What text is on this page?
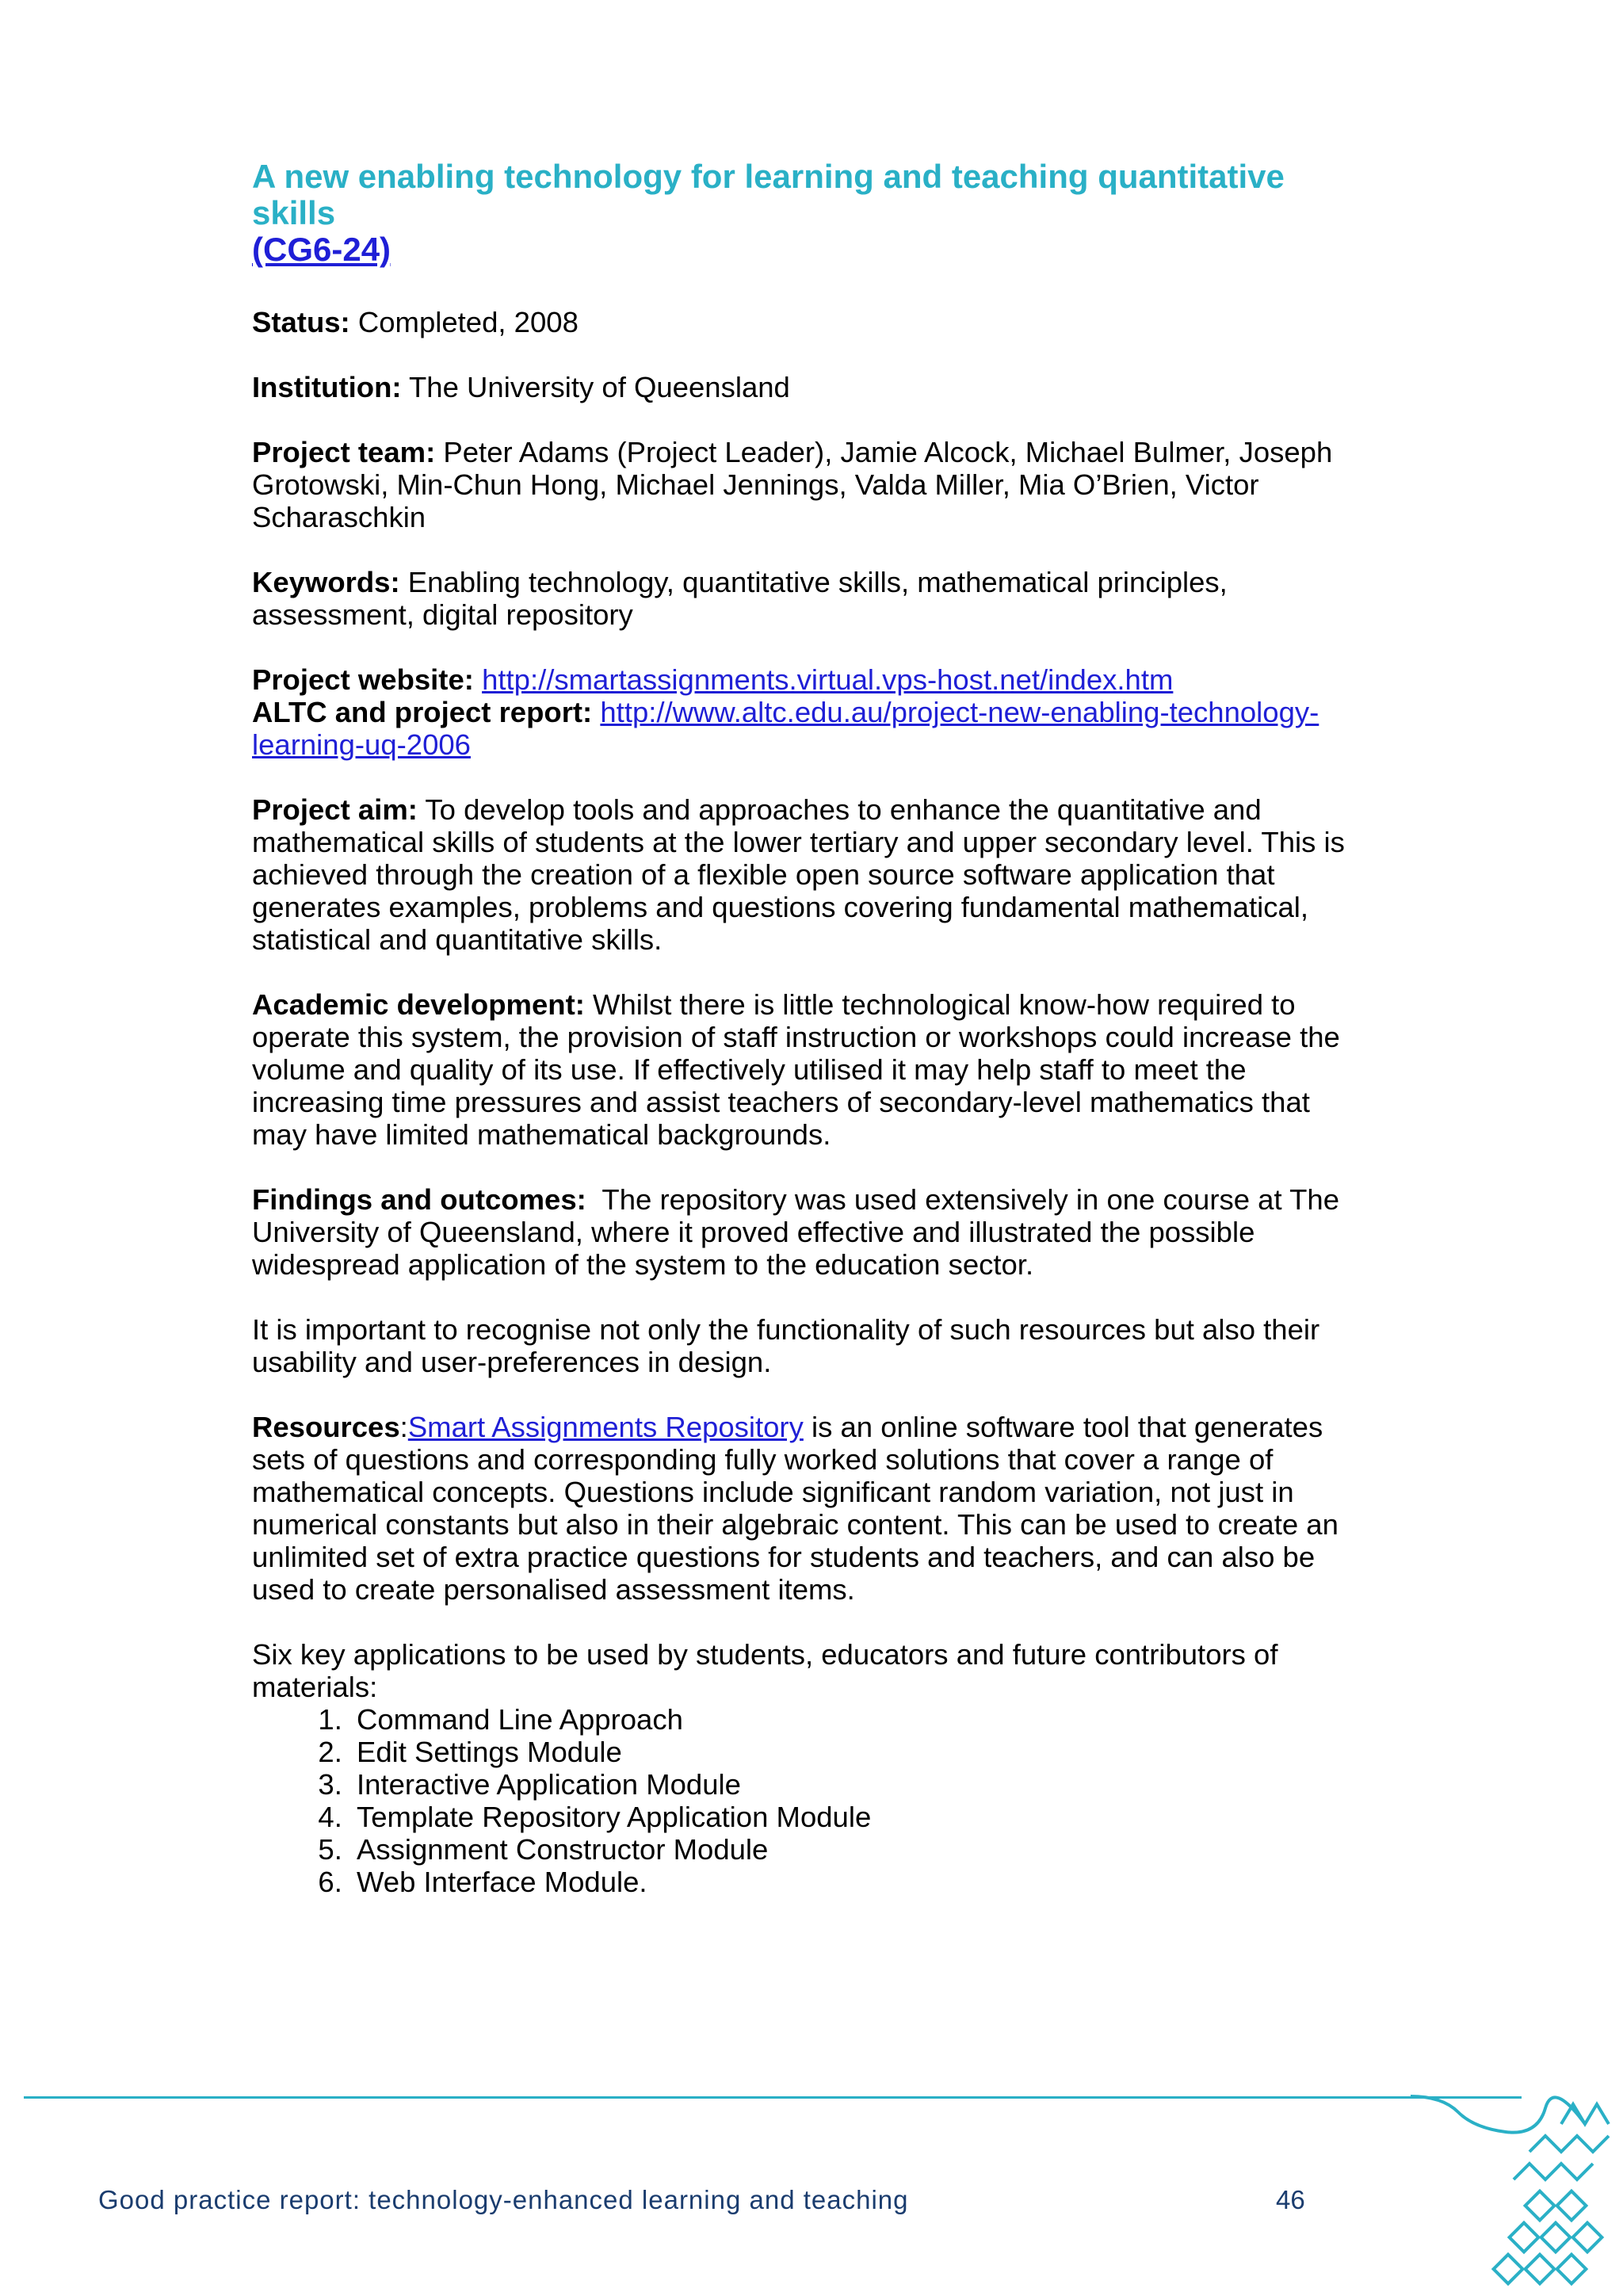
A new enabling technology for learning and teaching quantitative skills
(CG6-24)

Status: Completed, 2008

Institution: The University of Queensland

Project team: Peter Adams (Project Leader), Jamie Alcock, Michael Bulmer, Joseph Grotowski, Min-Chun Hong, Michael Jennings, Valda Miller, Mia O’Brien, Victor Scharaschkin

Keywords: Enabling technology, quantitative skills, mathematical principles, assessment, digital repository

Project website: http://smartassignments.virtual.vps-host.net/index.htm

ALTC and project report: http://www.altc.edu.au/project-new-enabling-technology-learning-uq-2006

Project aim: To develop tools and approaches to enhance the quantitative and mathematical skills of students at the lower tertiary and upper secondary level. This is achieved through the creation of a flexible open source software application that generates examples, problems and questions covering fundamental mathematical, statistical and quantitative skills.

Academic development: Whilst there is little technological know-how required to operate this system, the provision of staff instruction or workshops could increase the volume and quality of its use. If effectively utilised it may help staff to meet the increasing time pressures and assist teachers of secondary-level mathematics that may have limited mathematical backgrounds.

Findings and outcomes: The repository was used extensively in one course at The University of Queensland, where it proved effective and illustrated the possible widespread application of the system to the education sector.

It is important to recognise not only the functionality of such resources but also their usability and user-preferences in design.

Resources:Smart Assignments Repository is an online software tool that generates sets of questions and corresponding fully worked solutions that cover a range of mathematical concepts. Questions include significant random variation, not just in numerical constants but also in their algebraic content. This can be used to create an unlimited set of extra practice questions for students and teachers, and can also be used to create personalised assessment items.

Six key applications to be used by students, educators and future contributors of materials:

1. Command Line Approach
2. Edit Settings Module
3. Interactive Application Module
4. Template Repository Application Module
5. Assignment Constructor Module
6. Web Interface Module.
Good practice report: technology-enhanced learning and teaching	46
